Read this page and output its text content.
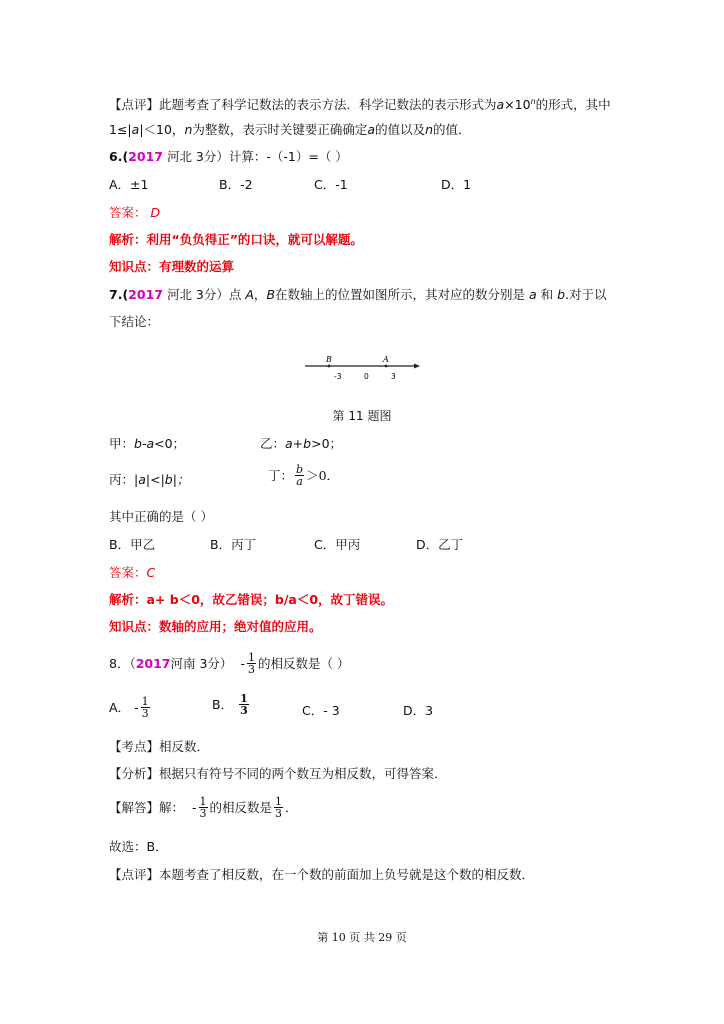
【点评】此题考查了科学记数法的表示方法．科学记数法的表示形式为$a\times 10^n$的形式，其中
1≤|a|＜10，n为整数，表示时关键要正确确定a的值以及n的值．
6.(2017 河北 3分）计算：-（-1）=（ ）
A．±1	B．-2	C．-1	D．1
答案： D
解析：利用“负负得正”的口诀，就可以解题。
知识点：有理数的运算
7.(2017 河北 3分）点 A，B在数轴上的位置如图所示，其对应的数分别是 a 和 b.对于以
下结论：
B	A
-3	0	3
第 11 题图
甲：b-a<0；	乙：a+b>0；
丙：|a|<|b|；	丁： $\frac{b}{a} >0$．
其中正确的是（ ）
B．甲乙	B．丙丁	C．甲丙	D．乙丁
答案：C
解析：a+ b＜0，故乙错误；b/a＜0，故丁错误。
知识点：数轴的应用；绝对值的应用。
8．（ 2017 河南 3分） - $\frac{1}{3}$ 的相反数是（ ）
A． - $\frac{1}{3}$	B． $\frac{1}{3}$	C．- 3	D．3
【考点】相反数．
【分析】根据只有符号不同的两个数互为相反数，可得答案．
【解答】解： - $\frac{1}{3}$ 的相反数是 $\frac{1}{3}$ ．
故选：B．
【点评】本题考查了相反数，在一个数的前面加上负号就是这个数的相反数．
第 10 页 共 29 页
